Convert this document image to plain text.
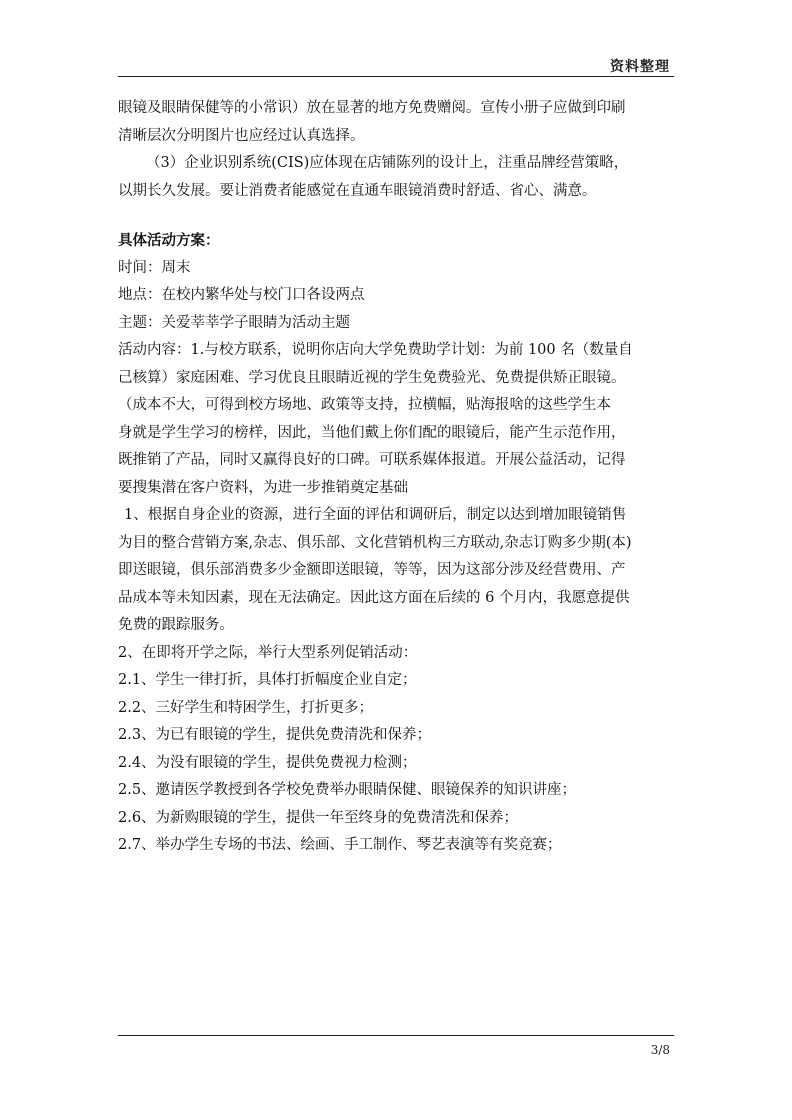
资料整理
眼镜及眼睛保健等的小常识）放在显著的地方免费赠阅。宣传小册子应做到印刷
清晰层次分明图片也应经过认真选择。
（3）企业识别系统(CIS)应体现在店铺陈列的设计上，注重品牌经营策略，
以期长久发展。要让消费者能感觉在直通车眼镜消费时舒适、省心、满意。
具体活动方案：
时间：周末
地点：在校内繁华处与校门口各设两点
主题：关爱莘莘学子眼睛为活动主题
活动内容：1.与校方联系，说明你店向大学免费助学计划：为前 100 名（数量自
己核算）家庭困难、学习优良且眼睛近视的学生免费验光、免费提供矫正眼镜。
（成本不大，可得到校方场地、政策等支持，拉横幅，贴海报啥的这些学生本
身就是学生学习的榜样，因此，当他们戴上你们配的眼镜后，能产生示范作用，
既推销了产品，同时又赢得良好的口碑。可联系媒体报道。开展公益活动，记得
要搜集潜在客户资料，为进一步推销奠定基础
1、根据自身企业的资源，进行全面的评估和调研后，制定以达到增加眼镜销售
为目的整合营销方案,杂志、俱乐部、文化营销机构三方联动,杂志订购多少期(本)
即送眼镜，俱乐部消费多少金额即送眼镜，等等，因为这部分涉及经营费用、产
品成本等未知因素，现在无法确定。因此这方面在后续的 6 个月内，我愿意提供
免费的跟踪服务。
2、在即将开学之际，举行大型系列促销活动：
2.1、学生一律打折，具体打折幅度企业自定；
2.2、三好学生和特困学生，打折更多；
2.3、为已有眼镜的学生，提供免费清洗和保养；
2.4、为没有眼镜的学生，提供免费视力检测；
2.5、邀请医学教授到各学校免费举办眼睛保健、眼镜保养的知识讲座；
2.6、为新购眼镜的学生，提供一年至终身的免费清洗和保养；
2.7、举办学生专场的书法、绘画、手工制作、琴艺表演等有奖竞赛；
3/8
